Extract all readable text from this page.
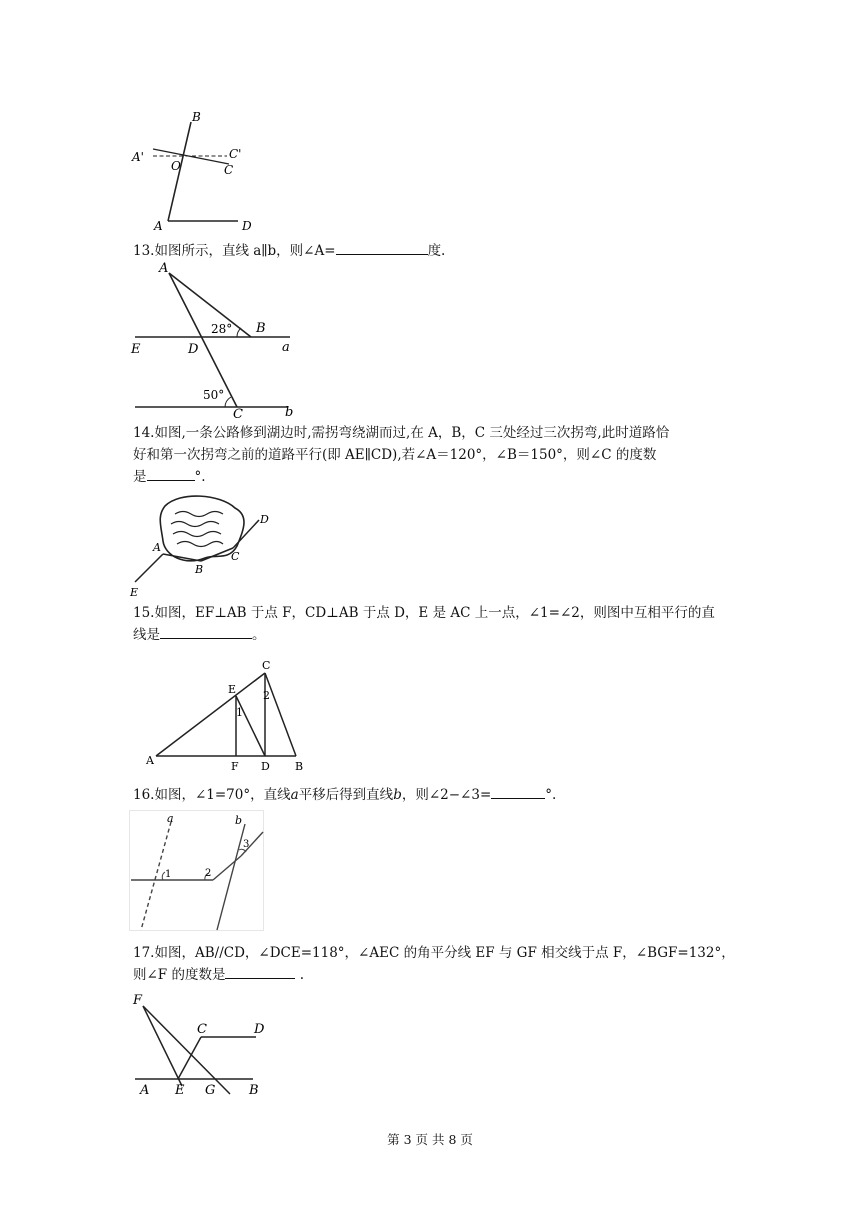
B
A'	C'
O	C
A	D
13.如图所示，直线 a∥b，则∠A=	度.
A
28° B
E	D	a
50°
C	b
14.如图,一条公路修到湖边时,需拐弯绕湖而过,在 A，B，C 三处经过三次拐弯,此时道路恰
好和第一次拐弯之前的道路平行(即 AE∥CD),若∠A＝120°，∠B＝150°，则∠C 的度数
是	°.
D
A
C
B
E
15.如图，EF⊥AB 于点 F，CD⊥AB 于点 D，E 是 AC 上一点，∠1=∠2，则图中互相平行的直
线是	。
C
E 2
1
A	F D B
16.如图，∠1=70°，直线a平移后得到直线b，则∠2−∠3=	°.
a	b
3
1	2
17.如图，AB//CD，∠DCE=118°，∠AEC 的角平分线 EF 与 GF 相交线于点 F，∠BGF=132°，
则∠F 的度数是	.
F
C	D
A E G	B
第 3 页 共 8 页
